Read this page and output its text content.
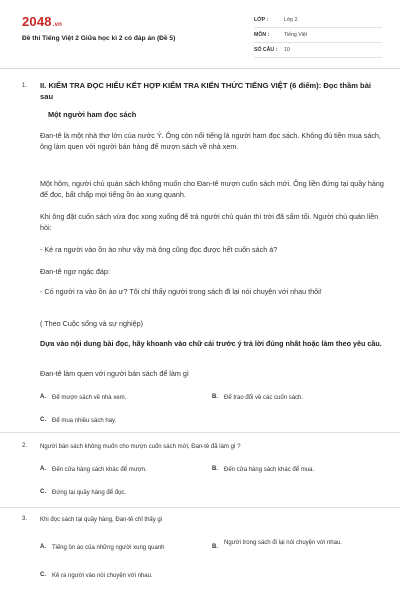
2048.vn
Đề thi Tiếng Việt 2 Giữa học kì 2 có đáp án (Đề 5)
LỚP :	Lớp 2
MÔN :	Tiếng Việt
SỐ CÂU :	10
1. II. KIỂM TRA ĐỌC HIỂU KẾT HỢP KIỂM TRA KIẾN THỨC TIẾNG VIỆT (6 điểm): Đọc thầm bài sau
Một người ham đọc sách
Đan-tê là một nhà thơ lớn của nước Ý. Ông còn nổi tiếng là người ham đọc sách. Không đủ tiền mua sách, ông làm quen với người bán hàng để mượn sách về nhà xem.
Một hôm, người chủ quán sách không muốn cho Đan-tê mượn cuốn sách mới. Ông liền đứng tại quầy hàng để đọc, bất chấp mọi tiếng ồn ào xung quanh.
Khi ông đặt cuốn sách vừa đọc xong xuống để trả người chủ quán thì trời đã sẩm tối. Người chủ quán liền hỏi:
- Kẻ ra người vào ồn ào như vậy mà ông cũng đọc được hết cuốn sách à?
Đan-tê ngơ ngác đáp:
- Có người ra vào ồn ào ư? Tôi chỉ thấy người trong sách đi lại nói chuyện với nhau thôi!
( Theo Cuộc sống và sự nghiệp)
Dựa vào nội dung bài đọc, hãy khoanh vào chữ cái trước ý trả lời đúng nhất hoặc làm theo yêu cầu.
Đan-tê làm quen với người bán sách để làm gì
A.	Để mượn sách về nhà xem.	B.	Để trao đổi về các cuốn sách.
C.	Để mua nhiều sách hay.
2. Người bán sách không muốn cho mượn cuốn sách mới, Đan-tê đã làm gì ?
A.	Đến cửa hàng sách khác để mượn.	B.	Đến cửa hàng sách khác để mua.
C.	Đứng tại quầy hàng để đọc.
3. Khi đọc sách tại quầy hàng, Đan-tê chỉ thấy gì
A.	Tiếng ồn ào của những người xung quanh	B.
Người trong sách đi lại nói chuyện với nhau.
C.	Kẻ ra người vào nói chuyện với nhau.
